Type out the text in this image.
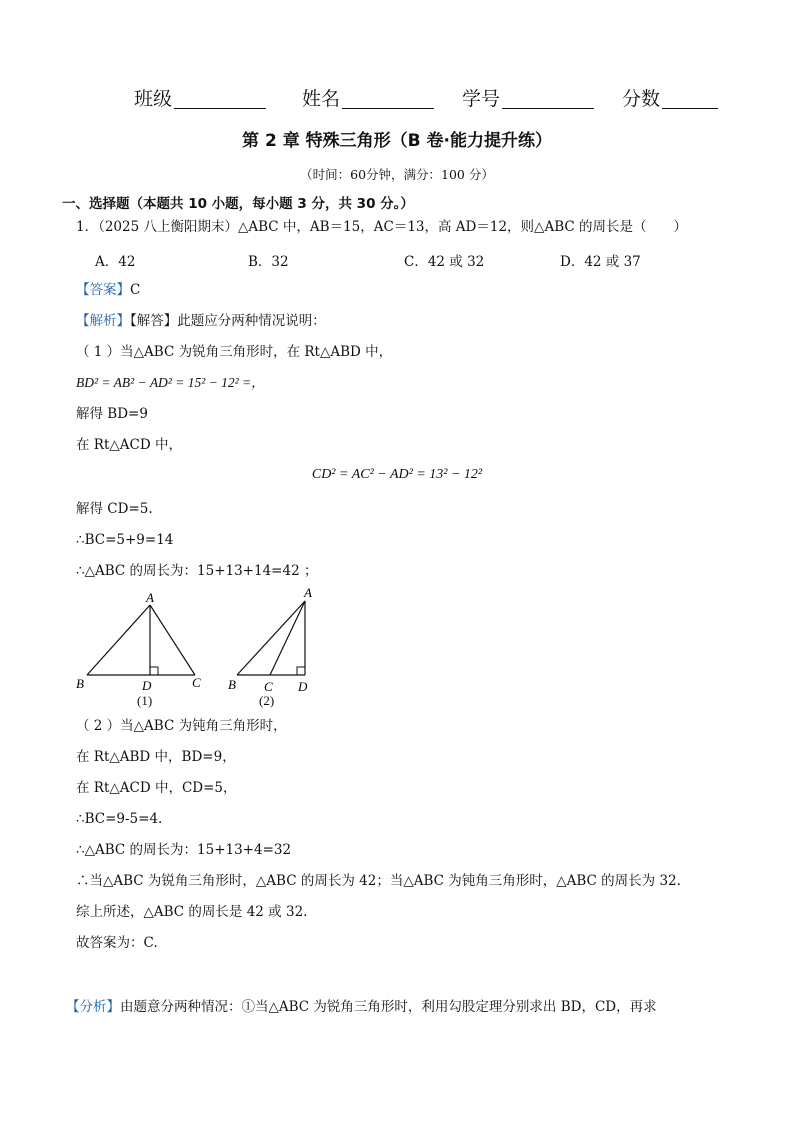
班级	姓名	学号	分数
第 2 章 特殊三角形（B 卷·能力提升练）
（时间：60分钟，满分：100 分）
一、选择题（本题共 10 小题，每小题 3 分，共 30 分。）
1．（2025 八上衡阳期末）△ABC 中，AB＝15，AC＝13，高 AD＝12，则△ABC 的周长是（　　）
A．42	B．32	C．42 或 32	D．42 或 37
【答案】C
【解析】【解答】此题应分两种情况说明：
（ 1 ）当△ABC 为锐角三角形时，在 Rt△ABD 中，
BD² = AB² − AD² = 15² − 12² =，
解得 BD=9
在 Rt△ACD 中，
CD² = AC² − AD² = 13² − 12²
解得 CD=5.
∴BC=5+9=14
∴△ABC 的周长为：15+13+14=42 ；
A
B	D	C
A
B C D
(1)	(2)
（ 2 ）当△ABC 为钝角三角形时，
在 Rt△ABD 中，BD=9，
在 Rt△ACD 中，CD=5，
∴BC=9-5=4.
∴△ABC 的周长为：15+13+4=32
∴当△ABC 为锐角三角形时，△ABC 的周长为 42；当△ABC 为钝角三角形时，△ABC 的周长为 32.
综上所述，△ABC 的周长是 42 或 32.
故答案为：C.
【分析】由题意分两种情况：①当△ABC 为锐角三角形时，利用勾股定理分别求出 BD，CD，再求
